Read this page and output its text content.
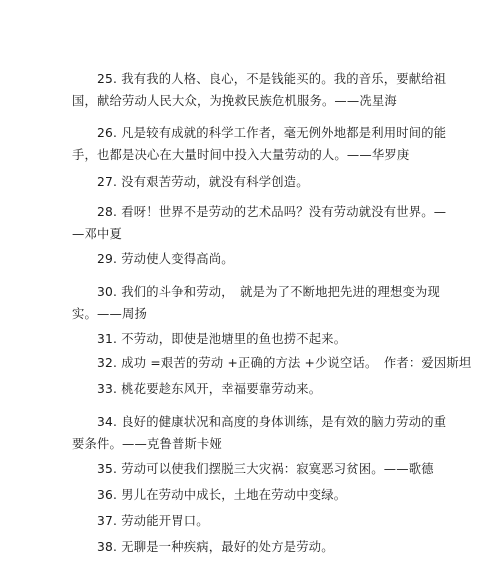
25. 我有我的人格、良心，不是钱能买的。我的音乐，要献给祖
国，献给劳动人民大众，为挽救民族危机服务。——冼星海

26. 凡是较有成就的科学工作者，毫无例外地都是利用时间的能
手，也都是决心在大量时间中投入大量劳动的人。——华罗庚

27. 没有艰苦劳动，就没有科学创造。

28. 看呀！世界不是劳动的艺术品吗？没有劳动就没有世界。—
—邓中夏

29. 劳动使人变得高尚。

30. 我们的斗争和劳动，　就是为了不断地把先进的理想变为现
实。——周扬

31. 不劳动，即使是池塘里的鱼也捞不起来。

32. 成功 =艰苦的劳动 +正确的方法 +少说空话。　作者：爱因斯坦

33. 桃花要趁东风开，幸福要靠劳动来。

34. 良好的健康状况和高度的身体训练，是有效的脑力劳动的重
要条件。——克鲁普斯卡娅

35. 劳动可以使我们摆脱三大灾祸：寂寞恶习贫困。——歌德

36. 男儿在劳动中成长，土地在劳动中变绿。

37. 劳动能开胃口。

38. 无聊是一种疾病，最好的处方是劳动。
